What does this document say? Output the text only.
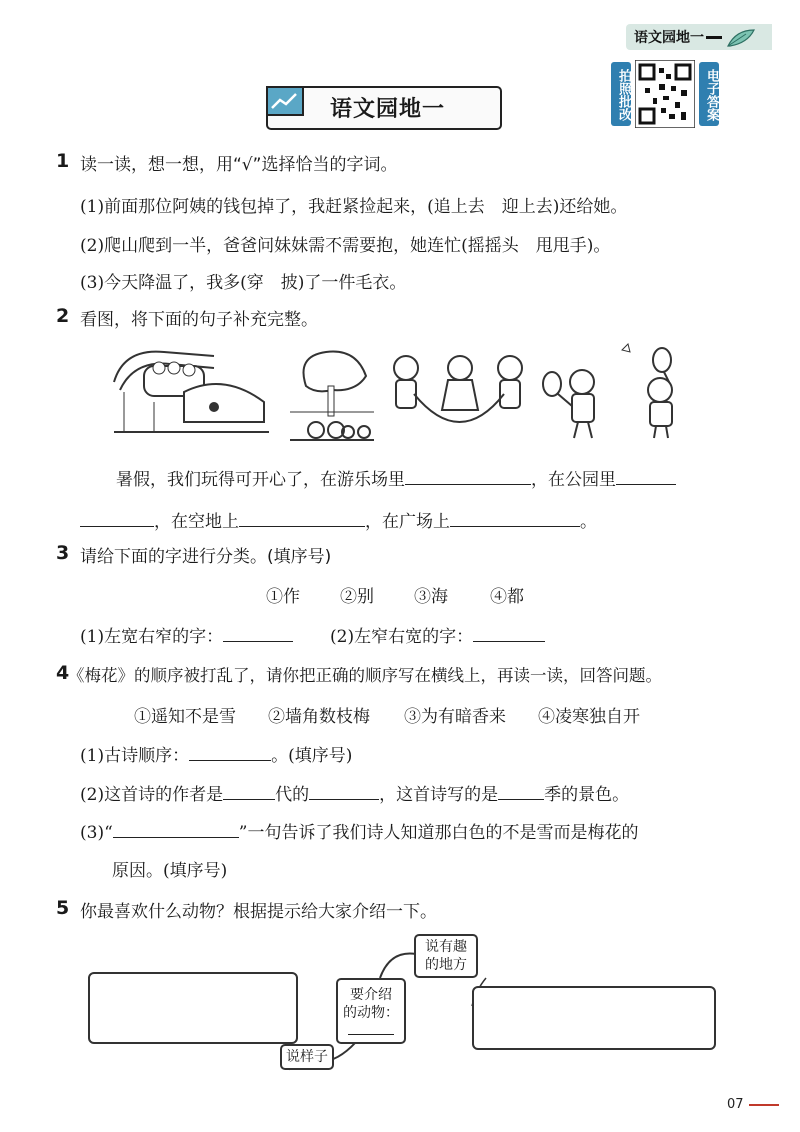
语文园地一
拍照批改	电子答案
语文园地一
1 读一读，想一想，用“√”选择恰当的字词。
(1)前面那位阿姨的钱包掉了，我赶紧捡起来，(追上去　迎上去)还给她。
(2)爬山爬到一半，爸爸问妹妹需不需要抱，她连忙(摇摇头　甩甩手)。
(3)今天降温了，我多(穿　披)了一件毛衣。
2 看图，将下面的句子补充完整。
暑假，我们玩得可开心了，在游乐场里	，在公园里
，在空地上	，在广场上	。
3 请给下面的字进行分类。(填序号)
①作 ②别 ③海 ④都
(1)左宽右窄的字：	(2)左窄右宽的字：
4
《梅花》的顺序被打乱了，请你把正确的顺序写在横线上，再读一读，回答问题。
①遥知不是雪 ②墙角数枝梅 ③为有暗香来 ④凌寒独自开
(1)古诗顺序：	。(填序号)
(2)这首诗的作者是	代的	，这首诗写的是	季的景色。
(3)“	”一句告诉了我们诗人知道那白色的不是雪而是梅花的
原因。(填序号)
5 你最喜欢什么动物？根据提示给大家介绍一下。
说样子
要介绍
的动物：
说有趣
的地方
07
